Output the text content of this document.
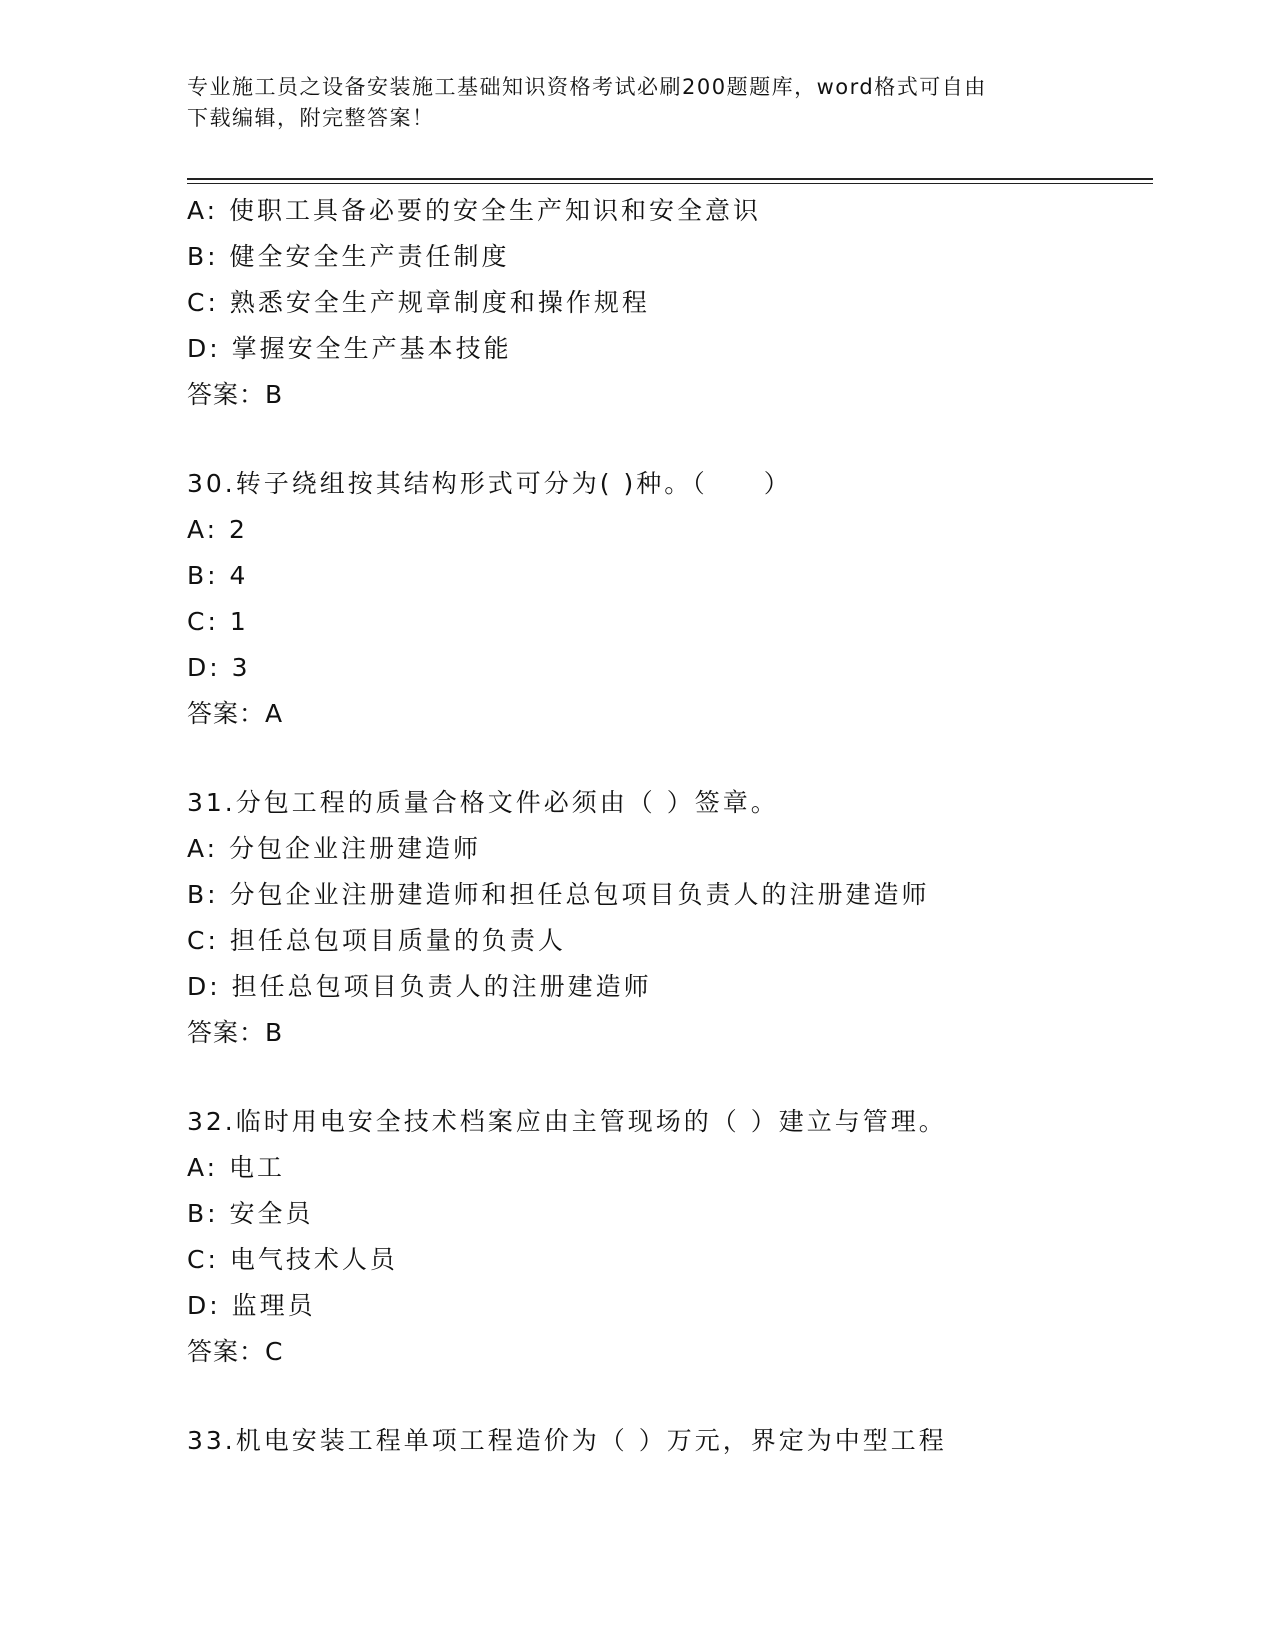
专业施工员之设备安装施工基础知识资格考试必刷200题题库，word格式可自由
下载编辑，附完整答案！
A: 使职工具备必要的安全生产知识和安全意识
B: 健全安全生产责任制度
C: 熟悉安全生产规章制度和操作规程
D: 掌握安全生产基本技能
答案：B
30.转子绕组按其结构形式可分为( )种。（　　）
A: 2
B: 4
C: 1
D: 3
答案：A
31.分包工程的质量合格文件必须由（ ）签章。
A: 分包企业注册建造师
B: 分包企业注册建造师和担任总包项目负责人的注册建造师
C: 担任总包项目质量的负责人
D: 担任总包项目负责人的注册建造师
答案：B
32.临时用电安全技术档案应由主管现场的（ ）建立与管理。
A: 电工
B: 安全员
C: 电气技术人员
D: 监理员
答案：C
33.机电安装工程单项工程造价为（ ）万元，界定为中型工程
